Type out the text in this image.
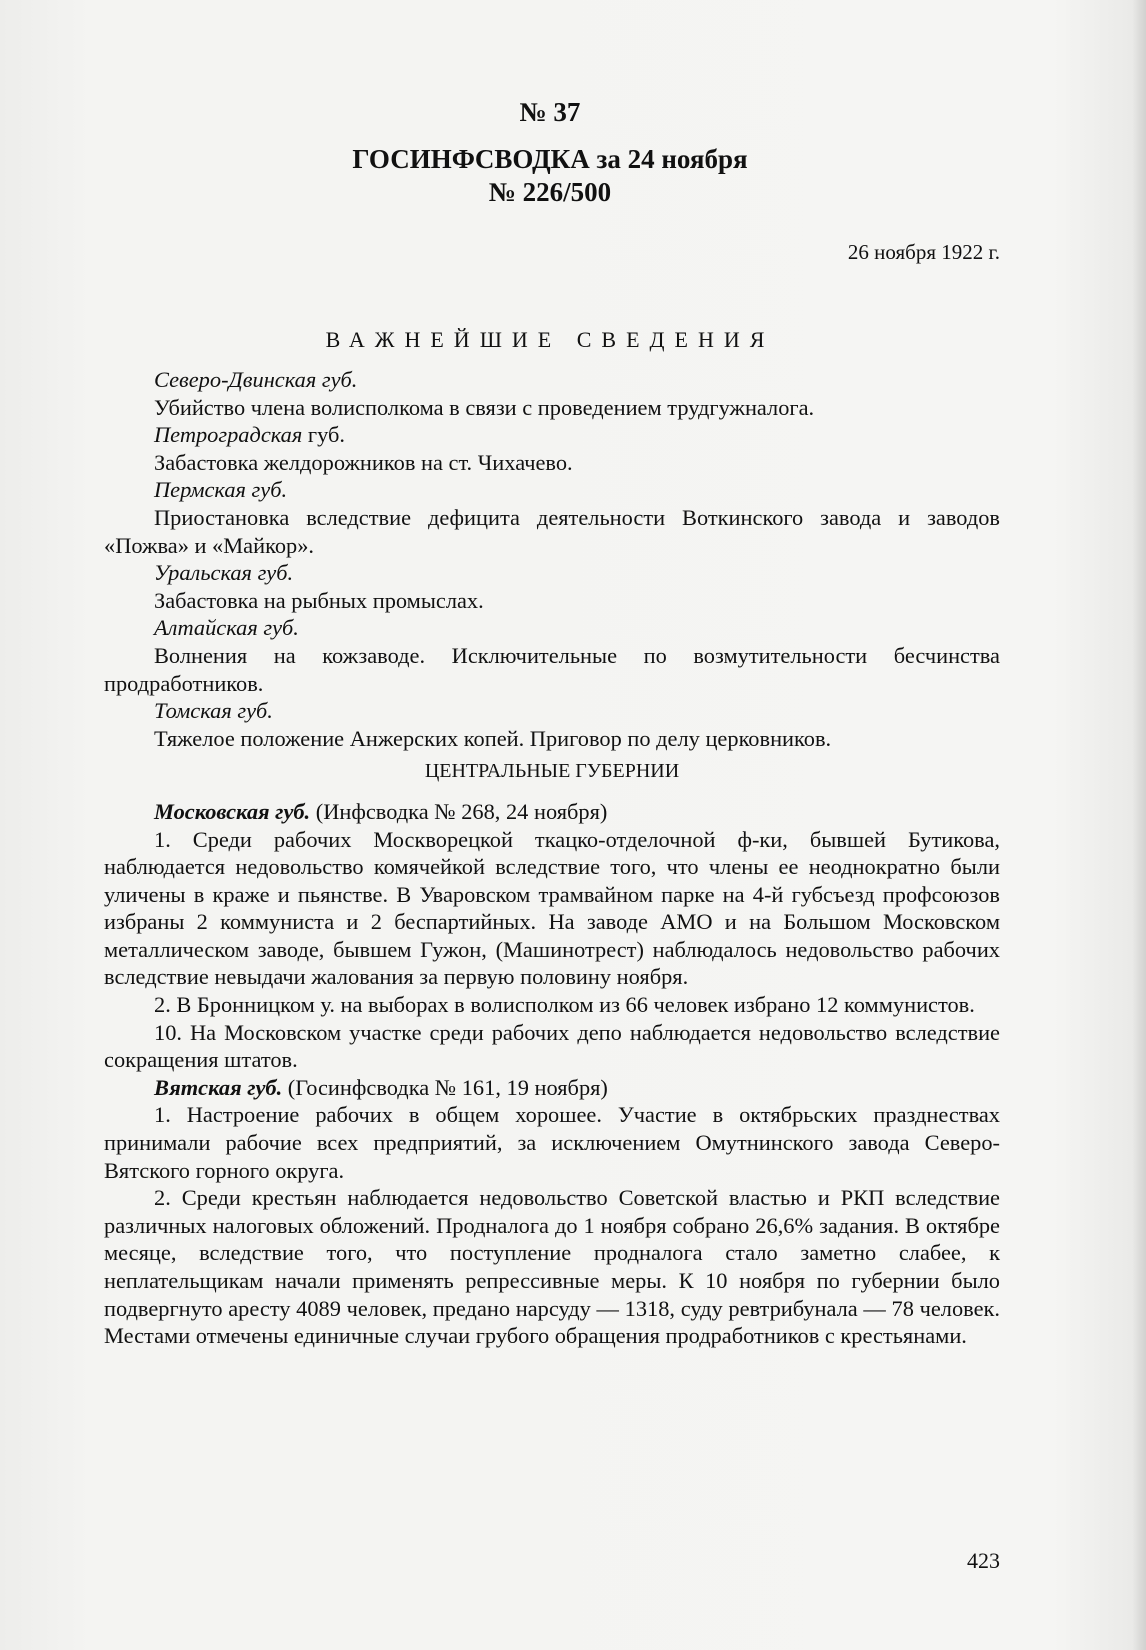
№ 37
ГОСИНФСВОДКА за 24 ноября
№ 226/500
26 ноября 1922 г.
ВАЖНЕЙШИЕ СВЕДЕНИЯ

Северо-Двинская губ.

Убийство члена волисполкома в связи с проведением трудгужналога.

Петроградская губ.

Забастовка желдорожников на ст. Чихачево.

Пермская губ.

Приостановка вследствие дефицита деятельности Воткинского завода и заводов «Пожва» и «Майкор».

Уральская губ.

Забастовка на рыбных промыслах.

Алтайская губ.

Волнения на кожзаводе. Исключительные по возмутительности бесчинства продработников.

Томская губ.

Тяжелое положение Анжерских копей. Приговор по делу церковников.

ЦЕНТРАЛЬНЫЕ ГУБЕРНИИ

Московская губ. (Инфсводка № 268, 24 ноября)

1. Среди рабочих Москворецкой ткацко-отделочной ф-ки, бывшей Бутикова, наблюдается недовольство комячейкой вследствие того, что члены ее неоднократно были уличены в краже и пьянстве. В Уваровском трамвайном парке на 4-й губсъезд профсоюзов избраны 2 коммуниста и 2 беспартийных. На заводе АМО и на Большом Московском металлическом заводе, бывшем Гужон, (Машинотрест) наблюдалось недовольство рабочих вследствие невыдачи жалования за первую половину ноября.

2. В Бронницком у. на выборах в волисполком из 66 человек избрано 12 коммунистов.

10. На Московском участке среди рабочих депо наблюдается недовольство вследствие сокращения штатов.

Вятская губ. (Госинфсводка № 161, 19 ноября)

1. Настроение рабочих в общем хорошее. Участие в октябрьских празднествах принимали рабочие всех предприятий, за исключением Омутнинского завода Северо-Вятского горного округа.

2. Среди крестьян наблюдается недовольство Советской властью и РКП вследствие различных налоговых обложений. Продналога до 1 ноября собрано 26,6% задания. В октябре месяце, вследствие того, что поступление продналога стало заметно слабее, к неплательщикам начали применять репрессивные меры. К 10 ноября по губернии было подвергнуто аресту 4089 человек, предано нарсуду — 1318, суду ревтрибунала — 78 человек. Местами отмечены единичные случаи грубого обращения продработников с крестьянами.

423
